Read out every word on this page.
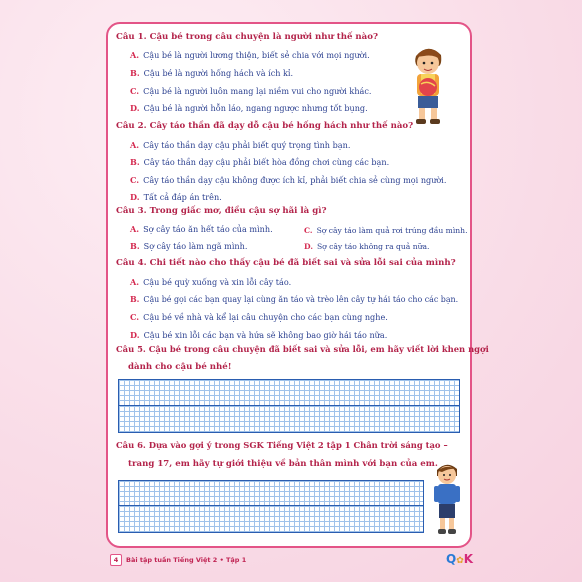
Câu 1. Cậu bé trong câu chuyện là người như thế nào?
A. Cậu bé là người lương thiện, biết sẻ chia với mọi người.
B. Cậu bé là người hống hách và ích kỉ.
C. Cậu bé là người luôn mang lại niềm vui cho người khác.
D. Cậu bé là người hỗn láo, ngang ngược nhưng tốt bụng.
Câu 2. Cây táo thần đã dạy dỗ cậu bé hống hách như thế nào?
A. Cây táo thần dạy cậu phải biết quý trọng tình bạn.
B. Cây táo thần dạy cậu phải biết hòa đồng chơi cùng các bạn.
C. Cây táo thần dạy cậu không được ích kỉ, phải biết chia sẻ cùng mọi người.
D. Tất cả đáp án trên.
Câu 3. Trong giấc mơ, điều cậu sợ hãi là gì?
A. Sợ cây táo ăn hết táo của mình.	C. Sợ cây táo làm quả rơi trúng đầu mình.
B. Sợ cây táo làm ngã mình.	D. Sợ cây táo không ra quả nữa.
Câu 4. Chi tiết nào cho thấy cậu bé đã biết sai và sửa lỗi sai của mình?
A. Cậu bé quỳ xuống và xin lỗi cây táo.
B. Cậu bé gọi các bạn quay lại cùng ăn táo và trèo lên cây tự hái táo cho các bạn.
C. Cậu bé về nhà và kể lại câu chuyện cho các bạn cùng nghe.
D. Cậu bé xin lỗi các bạn và hứa sẽ không bao giờ hái táo nữa.
Câu 5. Cậu bé trong câu chuyện đã biết sai và sửa lỗi, em hãy viết lời khen ngợi
dành cho cậu bé nhé!
Câu 6. Dựa vào gợi ý trong SGK Tiếng Việt 2 tập 1 Chân trời sáng tạo –
trang 17, em hãy tự giới thiệu về bản thân mình với bạn của em.
4	Bài tập tuần Tiếng Việt 2 • Tập 1	Q✿K
